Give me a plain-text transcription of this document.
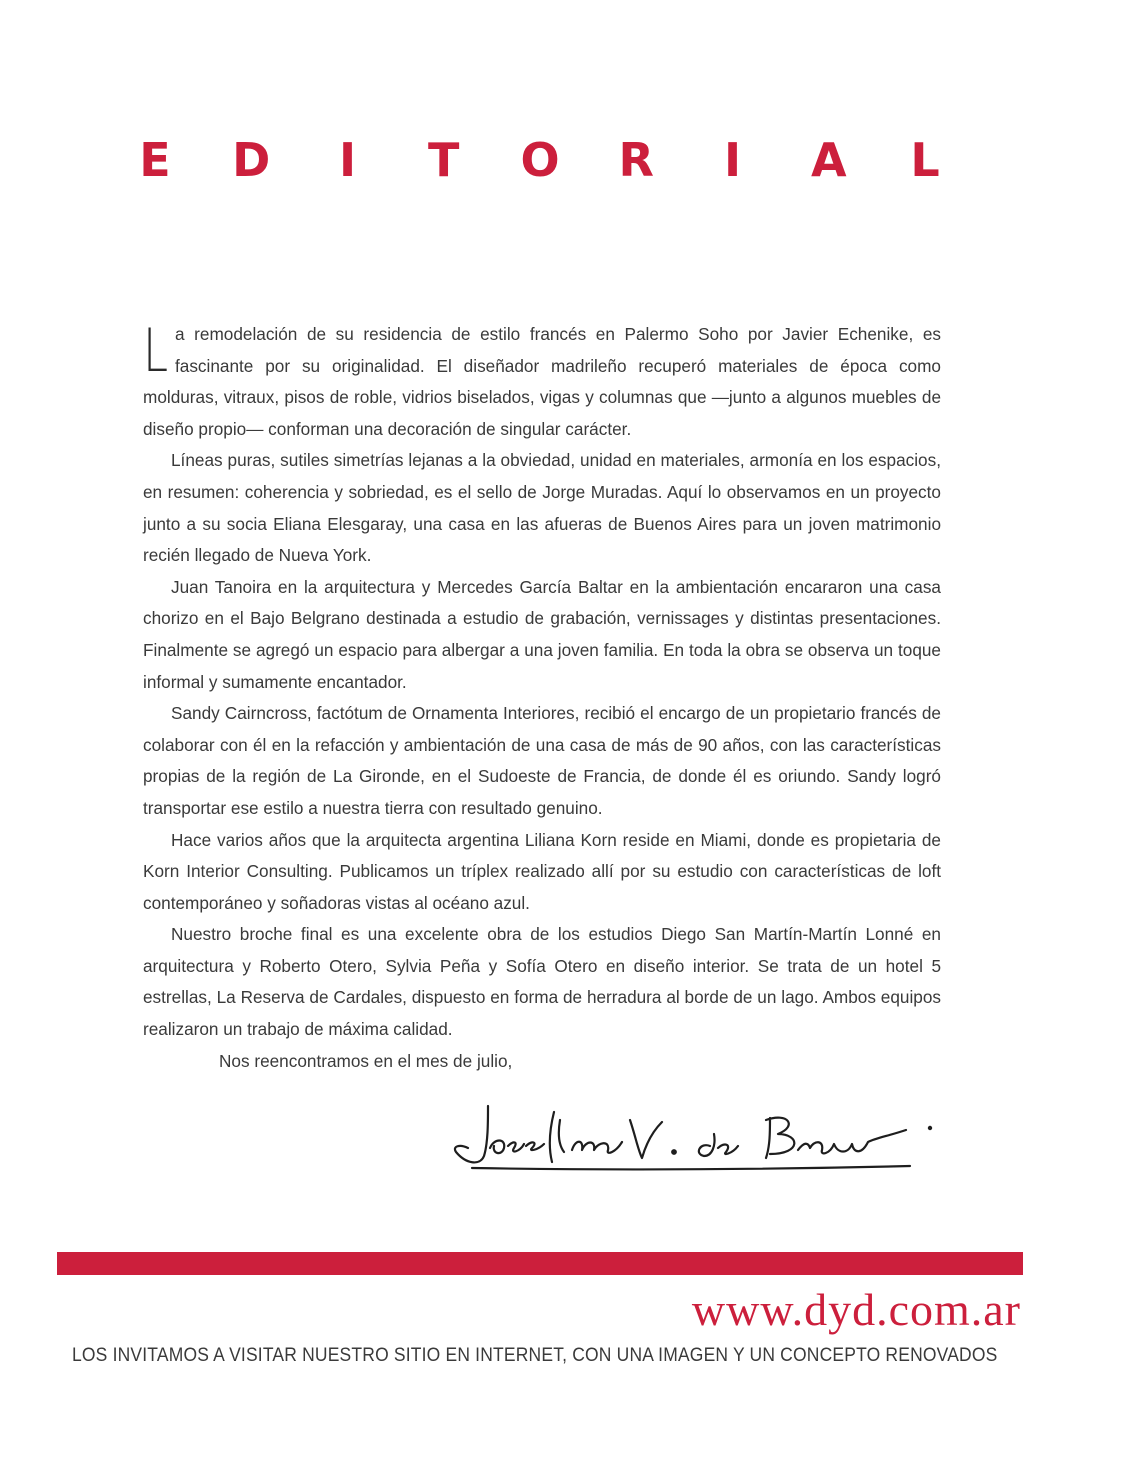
E D I T O R I A L

La remodelación de su residencia de estilo francés en Palermo Soho por Javier Echenike, es fascinante por su originalidad. El diseñador madrileño recuperó materiales de época como molduras, vitraux, pisos de roble, vidrios biselados, vigas y columnas que —junto a algunos muebles de diseño propio— conforman una decoración de singular carácter.

Líneas puras, sutiles simetrías lejanas a la obviedad, unidad en materiales, armonía en los espacios, en resumen: coherencia y sobriedad, es el sello de Jorge Muradas. Aquí lo observamos en un proyecto junto a su socia Eliana Elesgaray, una casa en las afueras de Buenos Aires para un joven matrimonio recién llegado de Nueva York.

Juan Tanoira en la arquitectura y Mercedes García Baltar en la ambientación encararon una casa chorizo en el Bajo Belgrano destinada a estudio de grabación, vernissages y distintas presentaciones. Finalmente se agregó un espacio para albergar a una joven familia. En toda la obra se observa un toque informal y sumamente encantador.

Sandy Cairncross, factótum de Ornamenta Interiores, recibió el encargo de un propietario francés de colaborar con él en la refacción y ambientación de una casa de más de 90 años, con las características propias de la región de La Gironde, en el Sudoeste de Francia, de donde él es oriundo. Sandy logró transportar ese estilo a nuestra tierra con resultado genuino.

Hace varios años que la arquitecta argentina Liliana Korn reside en Miami, donde es propietaria de Korn Interior Consulting. Publicamos un tríplex realizado allí por su estudio con características de loft contemporáneo y soñadoras vistas al océano azul.

Nuestro broche final es una excelente obra de los estudios Diego San Martín-Martín Lonné en arquitectura y Roberto Otero, Sylvia Peña y Sofía Otero en diseño interior. Se trata de un hotel 5 estrellas, La Reserva de Cardales, dispuesto en forma de herradura al borde de un lago. Ambos equipos realizaron un trabajo de máxima calidad.

Nos reencontramos en el mes de julio,

www.dyd.com.ar
LOS INVITAMOS A VISITAR NUESTRO SITIO EN INTERNET, CON UNA IMAGEN Y UN CONCEPTO RENOVADOS
